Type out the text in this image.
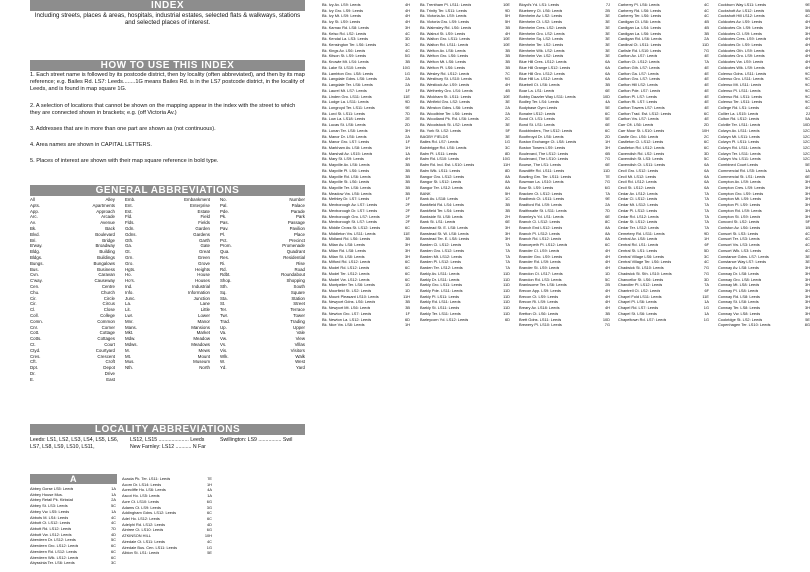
INDEX
Including streets, places & areas, hospitals, industrial estates, selected flats & walkways, stations and selected places of interest.
HOW TO USE THIS INDEX

1. Each street name is followed by its postcode district, then by locality (often abbreviated), and then by its map reference; e.g. Bailes Rd. LS7: Leeds........1G means Bailes Rd. is in the LS7 postcode district, in the locality of Leeds, and is found in map square 1G.

2. A selection of locations that cannot be shown on the mapping appear in the index with the street to which they are connected shown in brackets; e.g. (off Victoria Av.)

3. Addresses that are in more than one part are shown as (not continuous).

4. Area names are shown in CAPITAL LETTERS.

5. Places of interest are shown with their map square reference in bold type.

GENERAL ABBREVIATIONS
All	Alley
Apts.	Apartments
App.	Approach
Arc.	Arcade
Av.	Avenue
Bk.	Back
Blvd.	Boulevard
Bri.	Bridge
B'way.	Broadway
Bldg.	Building
Bldgs.	Buildings
Bungs.	Bungalows
Bus.	Business
Cvn.	Caravan
C'way.	Causeway
Cen.	Centre
Chu.	Church
Cir.	Circle
Cir.	Circus
Cl.	Close
Coll.	College
Comn.	Common
Cnr.	Corner
Cott.	Cottage
Cotts.	Cottages
Ct.	Court
Ctyd.	Courtyard
Cres.	Crescent
Cft.	Croft
Dpt.	Depot
Dr.	Drive
E.	East
Emb.	Embankment
Ent.	Enterprise
Est.	Estate
Fld.	Field
Flds.	Fields
Gdn.	Garden
Gdns.	Gardens
Gth.	Garth
Ga.	Gate
Gt.	Great
Grn.	Green
Gro.	Grove
Hgts.	Heights
Ho.	House
Ho's.	Houses
Ind.	Industrial
Info.	Information
Junc.	Junction
La.	Lane
Lit.	Little
Lwr.	Lower
Mnr.	Manor
Mans.	Mansions
Mkt.	Market
Mdw.	Meadow
Mdws.	Meadows
M.	Mews
Mt.	Mount
Mus.	Museum
Nth.	North
No.	Number
Pal.	Palace
Pde.	Parade
Pk.	Park
Pas.	Passage
Pav.	Pavilion
Pl.	Place
Pct.	Precinct
Prom.	Promenade
Qua.	Quadrant
Res.	Residential
Ri.	Rise
Rd.	Road
Rdbt.	Roundabout
Shop.	Shopping
Sth.	South
Sq.	Square
Sta.	Station
St.	Street
Ter.	Terrace
Twr.	Tower
Trad.	Trading
Up.	Upper
Va.	Vale
Vw.	View
Vs.	Villas
Vis.	Visitors
Wlk.	Walk
W.	West
Yd.	Yard
LOCALITY ABBREVIATIONS
Leeds: LS1, LS2, LS3, LS4, LS5, LS6, LS7, LS8, LS9, LS10, LS11,
LS12, LS15 ..................... Leeds
New Farnley: LS12 ........... N Far
Swillington: LS9 ................ Swil
A
Abbey Gorse LS5: Leeds	1A
Abbey House Mus.	1A
Abbey Retail Pk. Kirkstall	2A
Abbey St. LS3: Leeds	5C
Abbey Vw. LS5: Leeds	1A
Abbots M. LS4: Leeds	4C
Abbott Ct. LS12: Leeds	4C
Abbott Rd. LS12: Leeds	7D
Abbott Vw. LS12: Leeds	4D
Aberdeen Dr. LS12: Leeds	5C
Aberdeen Gro. LS12: Leeds	6C
Aberdeen Rd. LS12: Leeds	6C
Aberdeen Wlk. LS12: Leeds	6C
Abyssinia Ter. LS6: Leeds	3C
Acacia Pk. Ter. LS11: Leeds	7E
Acorn Dr. LS14: Leeds	1H
Acrecliffe Ho. LS6: Leeds	4A
Ascot Ho. LS5: Leeds	1A
Acre Ct. LS10: Leeds	6G
Adams Ct. LS9: Leeds	3G
Addingham Gdns. LS12: Leeds	6C
Adel Ho. LS12: Leeds	6C
Adelphi Rd. LS12: Leeds	4D
Aintree Ct. LS10: Leeds	6G
ATKINSON HILL	10H
Airedale Ct. LS11: Leeds	4C
Airedale Bus. Cen. LS11: Leeds	1G
Albion St. LS1: Leeds	5E
Bk. Ivy Av. LS9: Leeds	4H
Bk. Ivy Gro. LS9: Leeds	4H
Bk. Ivy Mt. LS9: Leeds	4H
Bk. Ivy St. LS9: Leeds	4H
Bk. Karnac Rd. LS8: Leeds	3H
Bk. Kelso Rd. LS2: Leeds	4C
Bk. Kendal La. LS3: Leeds	3D
Bk. Kensington Ter. LS6: Leeds	3C
Bk. Kings Av. LS6: Leeds	4C
Bk. Kitson St. LS9: Leeds	5G
Bk. Knowle Mt. LS4: Leeds	3B
Bk. Lake St. LS10: Leeds	10G
Bk. Lambton Gro. LS8: Leeds	1G
Bk. Langdale Gdns. LS6: Leeds	2A
Bk. Langdale Ter. LS6: Leeds	2A
Bk. Laurel Mt. LS7: Leeds	1F
Bk. Linden Gro. LS11: Leeds	11E
Bk. Lodge La. LS11: Leeds	9D
Bk. Longroyd Ter. LS11: Leeds	9E
Bk. Lord St. LS11: Leeds	7D
Bk. Low La. LS18: Leeds	2E
Bk. Lucas St. LS6: Leeds	2D
Bk. Lunan Ter. LS8: Leeds	3H
Bk. Manor Dr. LS6: Leeds	2A
Bk. Manor Gro. LS7: Leeds	1F
Bk. Markham Av. LS8: Leeds	1H
Bk. Marshall Av. LS15: Leeds	1A
Bk. Mary St. LS9: Leeds	4H
Bk. Mayville Av. LS6: Leeds	3B
Bk. Mayville Pl. LS6: Leeds	3B
Bk. Mayville Rd. LS6: Leeds	3B
Bk. Mayville St. LS6: Leeds	3B
Bk. Mayville Ter. LS6: Leeds	3B
Bk. Meadow Vw. LS6: Leeds	3B
Bk. Methley Dr. LS7: Leeds	1F
Bk. Mexborough Av. LS7: Leeds	2F
Bk. Mexborough Dr. LS7: Leeds	2F
Bk. Mexborough Gro. LS7: Leeds	2F
Bk. Mexborough St. LS7: Leeds	2F
Bk. Middle Cross St. LS12: Leeds	6C
Bk. Middleton Vw. LS11: Leeds	11E
Bk. Midland Rd. LS6: Leeds	3B
Bk. Milan Av. LS8: Leeds	3H
Bk. Milan Rd. LS8: Leeds	3H
Bk. Milan St. LS8: Leeds	3H
Bk. Milford Rd. LS12: Leeds	6C
Bk. Model Rd. LS12: Leeds	6C
Bk. Model Ter. LS12: Leeds	6C
Bk. Model Vw. LS12: Leeds	6C
Bk. Montpelier Ter. LS6: Leeds	1D
Bk. Moorfield St. LS2: Leeds	1D
Bk. Mount Pleasant LS10: Leeds	11H
Bk. Newport Gdns. LS6: Leeds	3B
Bk. Newport Mt. LS6: Leeds	3B
Bk. Newton Gro. LS7: Leeds	1F
Bk. Newton La. LS12: Leeds	6D
Bk. Nice Vw. LS8: Leeds	1H
Bk. Trentham Pl. LS11: Leeds	10E
Bk. Trinity Ter. LS11: Leeds	9D
Bk. Victoria Av. LS9: Leeds	5H
Bk. Victoria Gro. LS9: Leeds	5H
Bk. Walmsley Rd. LS6: Leeds	3B
Bk. Walnut St. LS9: Leeds	4H
Bk. Walton Gro. LS11: Leeds	10E
Bk. Walton Rd. LS11: Leeds	10E
Bk. Welton Av. LS6: Leeds	3B
Bk. Welton Gro. LS6: Leeds	3B
Bk. Welton Mt. LS6: Leeds	3B
Bk. Welton Pl. LS6: Leeds	3B
Bk. Wesley Rd. LS12: Leeds	7C
Bk. Westbury St. LS10: Leeds	9G
Bk. Westlock Av. LS9: Leeds	4H
Bk. Wetherby Gro. LS4: Leeds	4B
Bk. Wickham St. LS11: Leeds	10E
Bk. Winfield Gro. LS2: Leeds	3E
Bk. Winston Gdns. LS6: Leeds	2A
Bk. Woodbine Ter. LS6: Leeds	2A
Bk. Woodland Pk. Rd. LS6: Leeds	2C
Bk. Woodstock St. LS2: Leeds	3E
Bk. York St. LS2: Leeds	5F
BAGBY FIELDS	3E
Bailes Rd. LS7: Leeds	1G
Bainbrigge Rd. LS6: Leeds	3C
Balm Pl. LS11: Leeds	8D
Balm Rd. LS10: Leeds	10G
Balm Rd. Ind. Est. LS10: Leeds	11H
Balm Wlk. LS11: Leeds	8D
Bangor Gro. LS12: Leeds	8A
Bangor St. LS12: Leeds	8A
Bangor Ter. LS12: Leeds	8A
BANK	5H
Bank Av. LS18: Leeds	1C
Bankfield Rd. LS4: Leeds	3B
Bankfield Ter. LS4: Leeds	3B
Bankside St. LS8: Leeds	2H
Bank St. LS1: Leeds	6E
Banstead St. E. LS8: Leeds	3H
Banstead St. W. LS8: Leeds	3H
Banstead Ter. E. LS8: Leeds	3H
Barden Cl. LS12: Leeds	7A
Barden Gro. LS12: Leeds	7A
Barden Mt. LS12: Leeds	7A
Barden Pl. LS12: Leeds	7A
Barden Ter. LS12: Leeds	7A
Barkly Av. LS11: Leeds	11D
Barkly Dr. LS11: Leeds	11D
Barkly Gro. LS11: Leeds	11D
Barkly Pde. LS11: Leeds	11D
Barkly Pl. LS11: Leeds	11D
Barkly Rd. LS11: Leeds	11D
Barkly St. LS11: Leeds	11D
Barkly Ter. LS11: Leeds	11D
Barleycorn Yd. LS12: Leeds	6D
Bloyd's Yd. LS1: Leeds	7J
Blueberry Ct. LS6: Leeds	2B
Blenheim Av. LS2: Leeds	3E
Blenheim Ct. LS2: Leeds	3E
Blenheim Cres. LS2: Leeds	3E
Blenheim Gro. LS2: Leeds	3E
Blenheim Sq. LS2: Leeds	3E
Blenheim Ter. LS2: Leeds	3E
Blenheim Wlk. LS2: Leeds	3E
Blenheim Vw. LS2: Leeds	3E
Blue Hill Cres. LS12: Leeds	6A
Blue Hill Grange LS12: Leeds	6A
Blue Hill Gro. LS12: Leeds	6A
Blue Hill La. LS12: Leeds	6A
Bluebell Ct. LS6: Leeds	3B
Boar La. LS1: Leeds	6E
Bobby Dazzler Way LS11: Leeds	10D
Bodley Ter. LS4: Leeds	4A
Bodybase Gym Leeds	5E
Bonaire LS12: Leeds	6C
Bond Ct. LS1: Leeds	5E
Bond St. LS1: Leeds	6E
Bookbinders, The LS12: Leeds	6C
Boothroyd Dr. LS6: Leeds	2D
Boston Exchange Ct. LS8: Leeds	1H
Boston Towers LS9: Leeds	3H
Boulevard, The LS12: Leeds	6B
Boulevard, The LS10: Leeds	7G
Bourse, The LS1: Leeds	6E
Bowcliffe Rd. LS11: Leeds	11D
Bowling Grn. Ter. LS11: Leeds	7E
Bowman La. LS10: Leeds	7G
Bow St. LS9: Leeds	6G
Bracken Ct. LS12: Leeds	7A
Bradbeck Ct. LS11: Leeds	9E
Bradford Rd. LS9: Leeds	2A
Braithwaite St. LS11: Leeds	7D
Bramley's Yd. LS1: Leeds	6E
Branch Cl. LS12: Leeds	8C
Branch End LS12: Leeds	8A
Branch Pl. LS12: Leeds	8A
Branch Rd. LS12: Leeds	8A
Brancepeth Pl. LS12: Leeds	6C
Brander Cl. LS9: Leeds	4H
Brander Gro. LS9: Leeds	4H
Brander Rd. LS9: Leeds	4H
Brander St. LS9: Leeds	4H
Brandon Ct. LS17: Leeds	1D
Brandon Rd. LS3: Leeds	5C
Branksome Ter. LS6: Leeds	2B
Brecon App. LS9: Leeds	4H
Brecon Ct. LS9: Leeds	4H
Brecon Ri. LS9: Leeds	4H
Breary Av. LS18: Leeds	4H
Bretton Ct. LS6: Leeds	3B
Brett Gdns. LS11: Leeds	10D
Brewery Pl. LS10: Leeds	7G
Carberry Pl. LS6: Leeds	4C
Carberry Rd. LS6: Leeds	4C
Carberry Ter. LS6: Leeds	4C
Cardigan Ct. LS6: Leeds	4B
Cardigan La. LS4: Leeds	4B
Cardigan La. LS6: Leeds	3B
Cardigan Rd. LS6: Leeds	2A
Cardinal Ct. LS11: Leeds	11D
Carlisle Rd. LS10: Leeds	7G
Carlton Av. LS7: Leeds	4E
Carlton Ct. LS12: Leeds	7A
Carlton Gth. LS7: Leeds	4E
Carlton Ga. LS7: Leeds	4E
Carlton Gro. LS7: Leeds	4E
Carlton Hill LS2: Leeds	4E
Carlton Pde. LS7: Leeds	4E
Carlton Pl. LS7: Leeds	4E
Carlton Ri. LS7: Leeds	4E
Carlton Towers LS7: Leeds	4E
Carlton Trad. Est. LS12: Leeds	6C
Carlton Vw. LS7: Leeds	4E
Carr Cft. LS6: Leeds	2D
Carr Moor St. LS10: Leeds	10H
Castle Gro. LS6: Leeds	2C
Castleton Cl. LS12: Leeds	6C
Castleton Rd. LS12: Leeds	6C
Cavendish Rd. LS2: Leeds	3D
Cavendish St. LS3: Leeds	5C
Cavendish Ct. LS11: Leeds	6A
Cecil Gro. LS12: Leeds	6A
Cecil Mt. LS12: Leeds	6A
Cecil Rd. LS12: Leeds	6A
Cecil St. LS12: Leeds	6A
Cedar Av. LS12: Leeds	7A
Cedar Cl. LS12: Leeds	7A
Cedar Mt. LS12: Leeds	7A
Cedar Pl. LS12: Leeds	7A
Cedar Rd. LS12: Leeds	7A
Cedar St. LS12: Leeds	7A
Cedar Ter. LS12: Leeds	7A
Cemetery Rd. LS11: Leeds	9D
Central Av. LS8: Leeds	1H
Central Rd. LS1: Leeds	6F
Central St. LS1: Leeds	5D
Central Village LS6: Leeds	3C
Central Village Ter. LS6: Leeds	4C
Chadwick St. LS10: Leeds	7G
Chadwick St. Sth. LS10: Leeds	7G
Chancellor St. LS6: Leeds	3D
Chandler Pl. LS12: Leeds	7A
Chantrell Ct. LS2: Leeds	6F
Chapel Fold LS11: Leeds	11E
Chapel Pl. LS6: Leeds	1A
Chapel Rd. LS7: Leeds	1G
Chapel St. LS6: Leeds	1A
Chapeltown Rd. LS7: Leeds	1G
Cockburn Way LS11: Leeds	9E
Cockshott Av. LS12: Leeds	5B
Cockshott Hill LS12: Leeds	4C
Coldcotes Av. LS9: Leeds	4H
Coldcotes Cir. LS9: Leeds	3H
Coldcotes Cl. LS9: Leeds	3H
Coldcotes Cres. LS9: Leeds	4H
Coldcotes Dr. LS9: Leeds	4H
Coldcotes Gth. LS9: Leeds	4H
Coldcotes Gro. LS9: Leeds	4H
Coldcotes Vw. LS9: Leeds	4H
Coldcotes Wlk. LS9: Leeds	4H
Colenso Gdns. LS11: Leeds	9C
Colenso Gro. LS11: Leeds	9C
Colenso Mt. LS11: Leeds	9C
Colenso Pl. LS11: Leeds	9C
Colenso Rd. LS11: Leeds	9C
Colenso Ter. LS11: Leeds	9C
College Rd. LS1: Leeds	4C
Collier La. LS15: Leeds	2J
Colton Rd. LS12: Leeds	5A
Colville Ter. LS11: Leeds	10D
Colwyn Av. LS11: Leeds	12C
Colwyn Mt. LS11: Leeds	12C
Colwyn Pl. LS11: Leeds	12C
Colwyn Rd. LS11: Leeds	12C
Colwyn Ter. LS11: Leeds	12C
Colwyn Vw. LS11: Leeds	12C
Combined Court Leeds	5E
Commercial Rd. LS5: Leeds	1A
Commercial St. LS1: Leeds	6E
Compton Av. LS9: Leeds	3H
Compton Cres. LS9: Leeds	3H
Compton Gro. LS9: Leeds	3H
Compton Mt. LS9: Leeds	3H
Compton Pl. LS9: Leeds	3H
Compton Rd. LS9: Leeds	3H
Compton St. LS9: Leeds	3H
Concord St. LS2: Leeds	5F
Coniston Av. LS6: Leeds	1B
Consort St. LS3: Leeds	4C
Consort Ter. LS3: Leeds	4C
Consort Vw. LS3: Leeds	4C
Consort Wlk. LS3: Leeds	4C
Constance Gdns. LS7: Leeds	3E
Constance Way LS7: Leeds	3E
Conway Av. LS8: Leeds	3H
Conway Dr. LS8: Leeds	3H
Conway Gro. LS8: Leeds	3H
Conway Mt. LS8: Leeds	3H
Conway Pl. LS8: Leeds	3H
Conway Rd. LS8: Leeds	3H
Conway St. LS8: Leeds	3H
Conway Ter. LS8: Leeds	3H
Conway Vw. LS8: Leeds	3H
Cookridge St. LS2: Leeds	5E
Copenhagen Ter. LS10: Leeds	8G
